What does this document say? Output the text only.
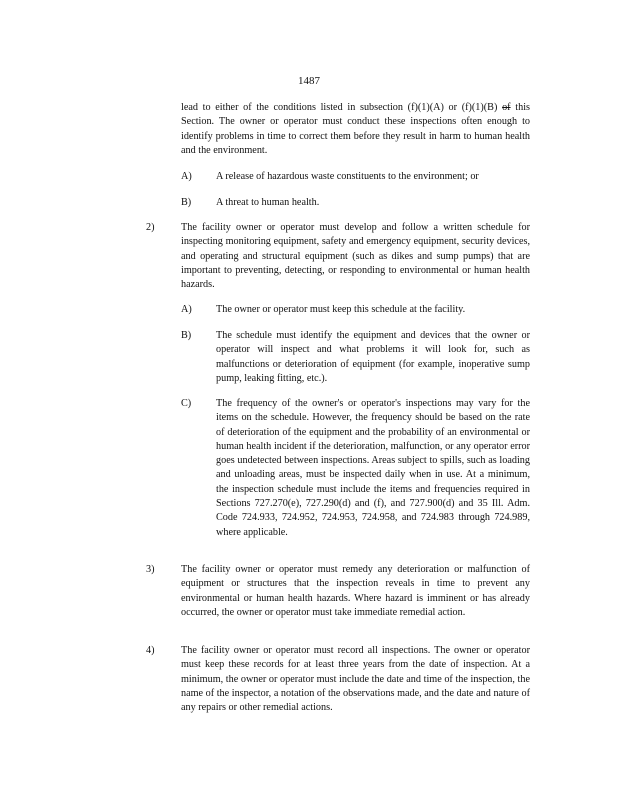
1487
lead to either of the conditions listed in subsection (f)(1)(A) or (f)(1)(B) of this Section. The owner or operator must conduct these inspections often enough to identify problems in time to correct them before they result in harm to human health and the environment.
A) A release of hazardous waste constituents to the environment; or
B) A threat to human health.
2)	The facility owner or operator must develop and follow a written schedule for inspecting monitoring equipment, safety and emergency equipment, security devices, and operating and structural equipment (such as dikes and sump pumps) that are important to preventing, detecting, or responding to environmental or human health hazards.
A) The owner or operator must keep this schedule at the facility.
B) The schedule must identify the equipment and devices that the owner or operator will inspect and what problems it will look for, such as malfunctions or deterioration of equipment (for example, inoperative sump pump, leaking fitting, etc.).
C) The frequency of the owner's or operator's inspections may vary for the items on the schedule. However, the frequency should be based on the rate of deterioration of the equipment and the probability of an environmental or human health incident if the deterioration, malfunction, or any operator error goes undetected between inspections. Areas subject to spills, such as loading and unloading areas, must be inspected daily when in use. At a minimum, the inspection schedule must include the items and frequencies required in Sections 727.270(e), 727.290(d) and (f), and 727.900(d) and 35 Ill. Adm. Code 724.933, 724.952, 724.953, 724.958, and 724.983 through 724.989, where applicable.
3)	The facility owner or operator must remedy any deterioration or malfunction of equipment or structures that the inspection reveals in time to prevent any environmental or human health hazards. Where hazard is imminent or has already occurred, the owner or operator must take immediate remedial action.
4)	The facility owner or operator must record all inspections. The owner or operator must keep these records for at least three years from the date of inspection. At a minimum, the owner or operator must include the date and time of the inspection, the name of the inspector, a notation of the observations made, and the date and nature of any repairs or other remedial actions.
